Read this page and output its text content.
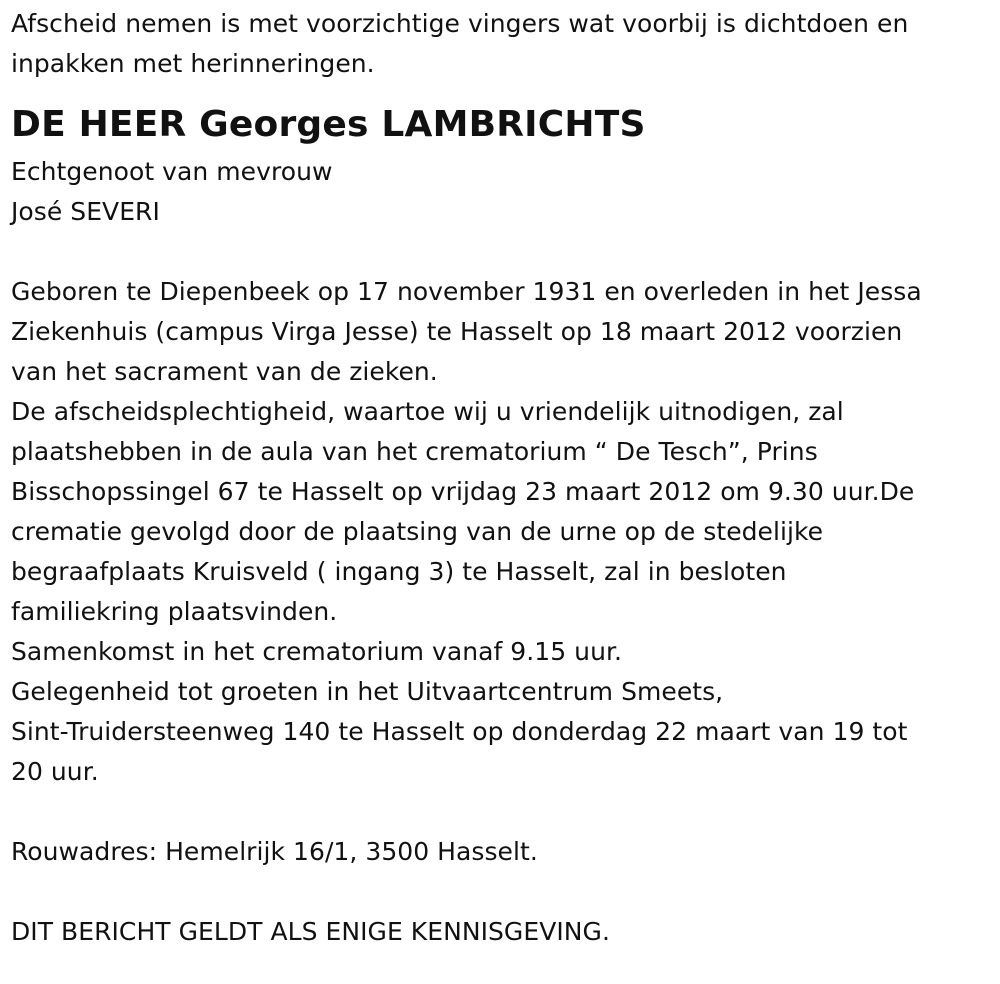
Afscheid nemen is met voorzichtige vingers wat voorbij is dichtdoen en
inpakken met herinneringen.
DE HEER Georges LAMBRICHTS
Echtgenoot van mevrouw
José SEVERI
Geboren te Diepenbeek op 17 november 1931 en overleden in het Jessa
Ziekenhuis (campus Virga Jesse) te Hasselt op 18 maart 2012 voorzien
van het sacrament van de zieken.
De afscheidsplechtigheid, waartoe wij u vriendelijk uitnodigen, zal
plaatshebben in de aula van het crematorium “ De Tesch”, Prins
Bisschopssingel 67 te Hasselt op vrijdag 23 maart 2012 om 9.30 uur.De
crematie gevolgd door de plaatsing van de urne op de stedelijke
begraafplaats Kruisveld ( ingang 3) te Hasselt, zal in besloten
familiekring plaatsvinden.
Samenkomst in het crematorium vanaf 9.15 uur.
Gelegenheid tot groeten in het Uitvaartcentrum Smeets,
Sint-Truidersteenweg 140 te Hasselt op donderdag 22 maart van 19 tot
20 uur.
Rouwadres: Hemelrijk 16/1, 3500 Hasselt.
DIT BERICHT GELDT ALS ENIGE KENNISGEVING.
